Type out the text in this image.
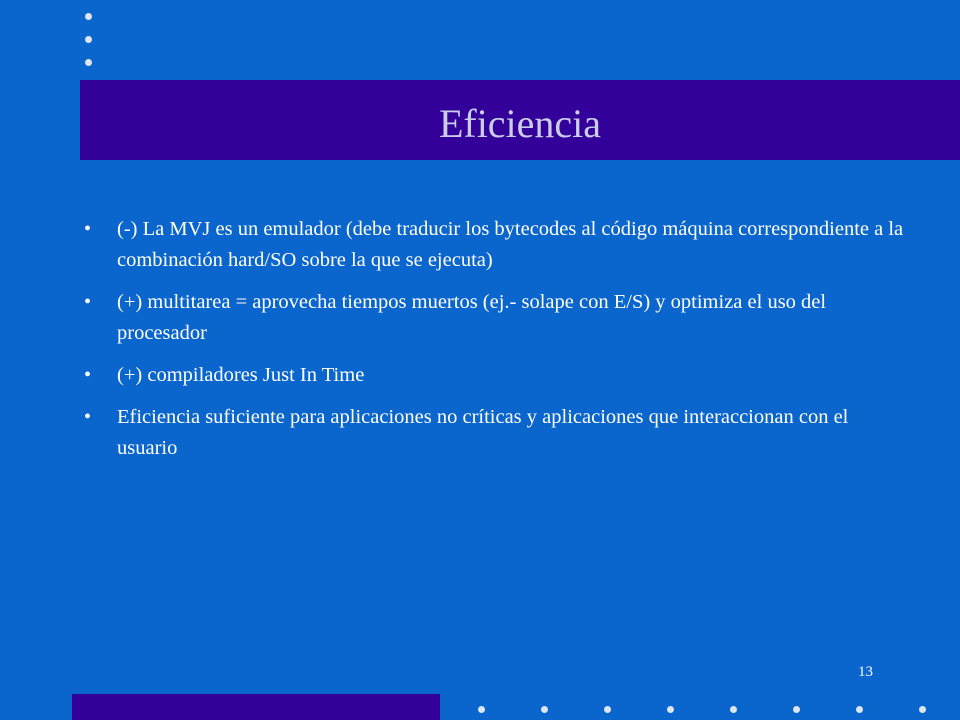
Eficiencia
• (-) La MVJ es un emulador (debe traducir los bytecodes al código máquina correspondiente a la combinación hard/SO sobre la que se ejecuta)
• (+) multitarea = aprovecha tiempos muertos (ej.- solape con E/S) y optimiza el uso del procesador
• (+) compiladores Just In Time
• Eficiencia suficiente para aplicaciones no críticas y aplicaciones que interaccionan con el usuario
13
